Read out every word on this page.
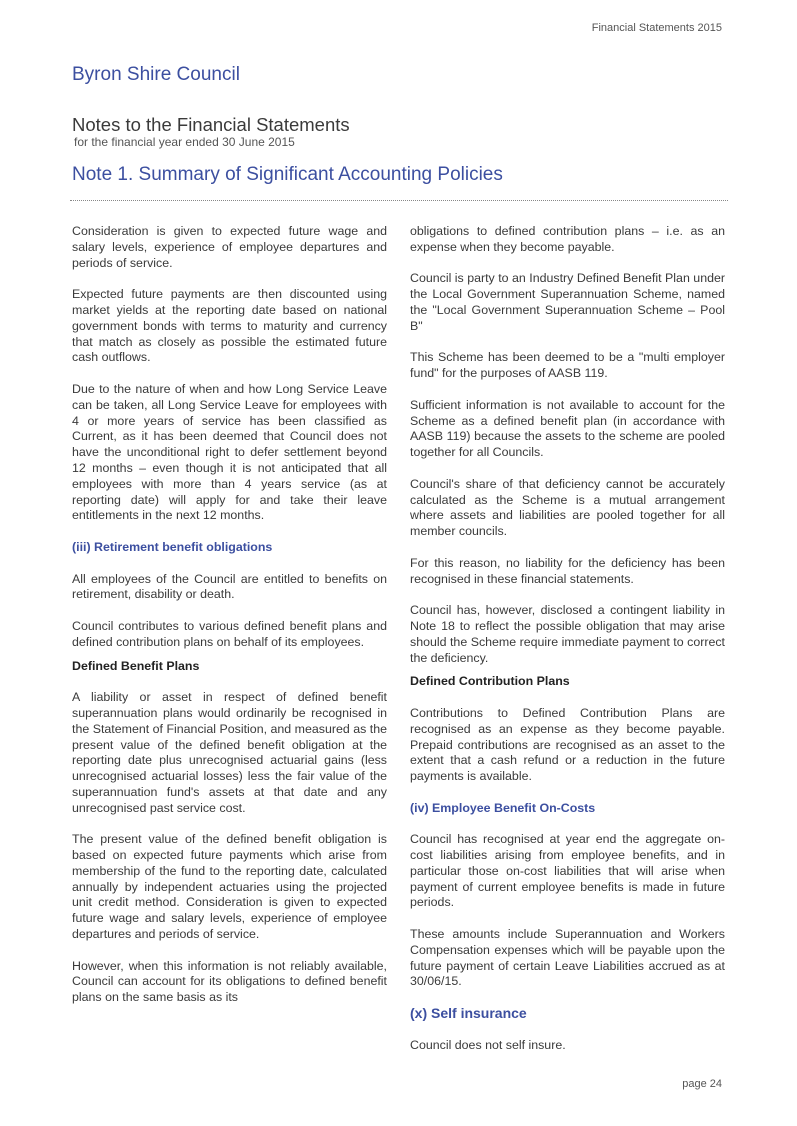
Financial Statements 2015
Byron Shire Council
Notes to the Financial Statements
for the financial year ended 30 June 2015
Note 1. Summary of Significant Accounting Policies

Consideration is given to expected future wage and salary levels, experience of employee departures and periods of service.

Expected future payments are then discounted using market yields at the reporting date based on national government bonds with terms to maturity and currency that match as closely as possible the estimated future cash outflows.

Due to the nature of when and how Long Service Leave can be taken, all Long Service Leave for employees with 4 or more years of service has been classified as Current, as it has been deemed that Council does not have the unconditional right to defer settlement beyond 12 months – even though it is not anticipated that all employees with more than 4 years service (as at reporting date) will apply for and take their leave entitlements in the next 12 months.

(iii) Retirement benefit obligations

All employees of the Council are entitled to benefits on retirement, disability or death.

Council contributes to various defined benefit plans and defined contribution plans on behalf of its employees.

Defined Benefit Plans

A liability or asset in respect of defined benefit superannuation plans would ordinarily be recognised in the Statement of Financial Position, and measured as the present value of the defined benefit obligation at the reporting date plus unrecognised actuarial gains (less unrecognised actuarial losses) less the fair value of the superannuation fund's assets at that date and any unrecognised past service cost.

The present value of the defined benefit obligation is based on expected future payments which arise from membership of the fund to the reporting date, calculated annually by independent actuaries using the projected unit credit method. Consideration is given to expected future wage and salary levels, experience of employee departures and periods of service.

However, when this information is not reliably available, Council can account for its obligations to defined benefit plans on the same basis as its

obligations to defined contribution plans – i.e. as an expense when they become payable.

Council is party to an Industry Defined Benefit Plan under the Local Government Superannuation Scheme, named the "Local Government Superannuation Scheme – Pool B"

This Scheme has been deemed to be a "multi employer fund" for the purposes of AASB 119.

Sufficient information is not available to account for the Scheme as a defined benefit plan (in accordance with AASB 119) because the assets to the scheme are pooled together for all Councils.

Council's share of that deficiency cannot be accurately calculated as the Scheme is a mutual arrangement where assets and liabilities are pooled together for all member councils.

For this reason, no liability for the deficiency has been recognised in these financial statements.

Council has, however, disclosed a contingent liability in Note 18 to reflect the possible obligation that may arise should the Scheme require immediate payment to correct the deficiency.

Defined Contribution Plans

Contributions to Defined Contribution Plans are recognised as an expense as they become payable. Prepaid contributions are recognised as an asset to the extent that a cash refund or a reduction in the future payments is available.

(iv) Employee Benefit On-Costs

Council has recognised at year end the aggregate on-cost liabilities arising from employee benefits, and in particular those on-cost liabilities that will arise when payment of current employee benefits is made in future periods.

These amounts include Superannuation and Workers Compensation expenses which will be payable upon the future payment of certain Leave Liabilities accrued as at 30/06/15.

(x) Self insurance

Council does not self insure.

page 24
